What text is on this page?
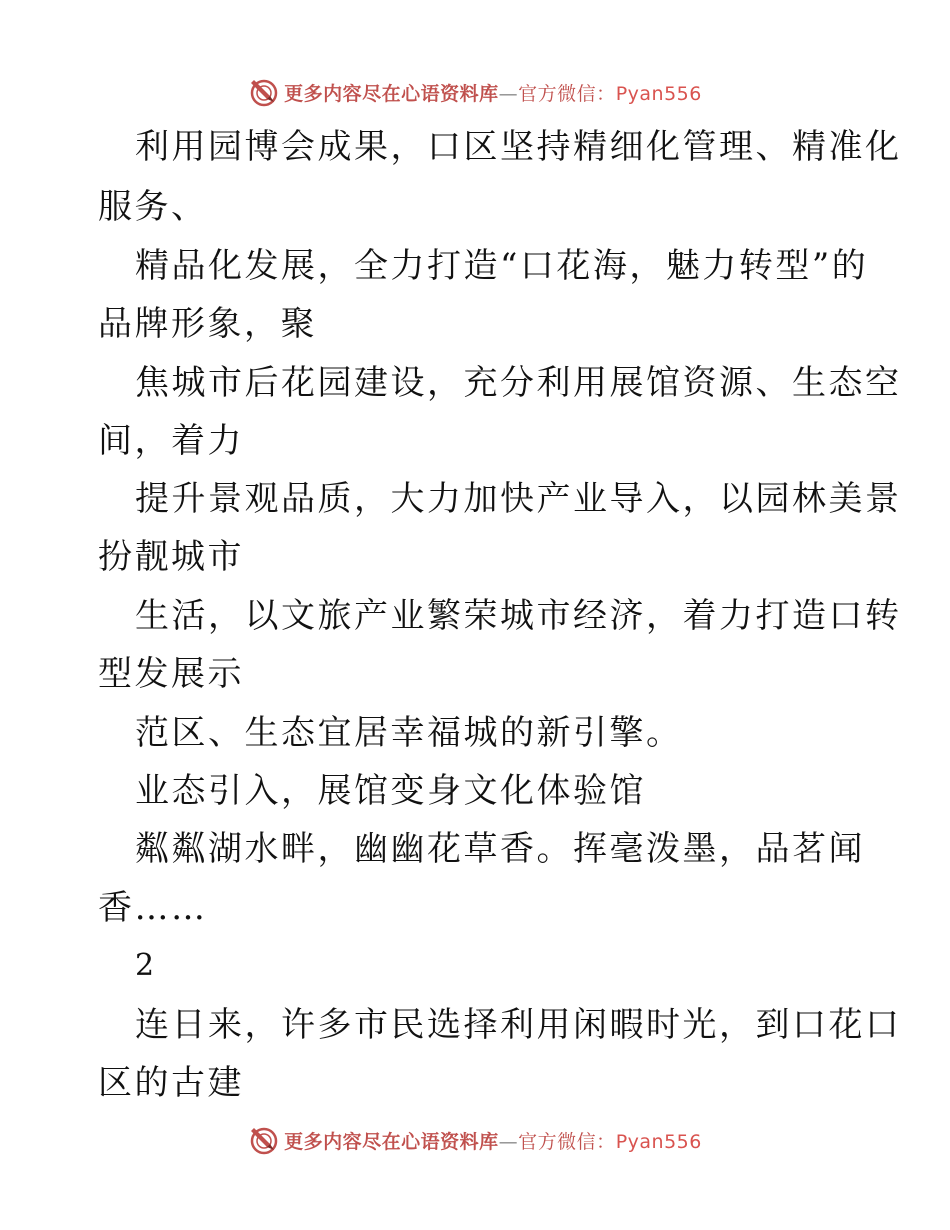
更多内容尽在心语资料库—官方微信：Pyan556
利用园博会成果，口区坚持精细化管理、精准化
服务、
精品化发展，全力打造“口花海，魅力转型”的
品牌形象，聚
焦城市后花园建设，充分利用展馆资源、生态空
间，着力
提升景观品质，大力加快产业导入，以园林美景
扮靓城市
生活，以文旅产业繁荣城市经济，着力打造口转
型发展示
范区、生态宜居幸福城的新引擎。
业态引入，展馆变身文化体验馆
粼粼湖水畔，幽幽花草香。挥毫泼墨，品茗闻
香……
2
连日来，许多市民选择利用闲暇时光，到口花口
区的古建
更多内容尽在心语资料库—官方微信：Pyan556
